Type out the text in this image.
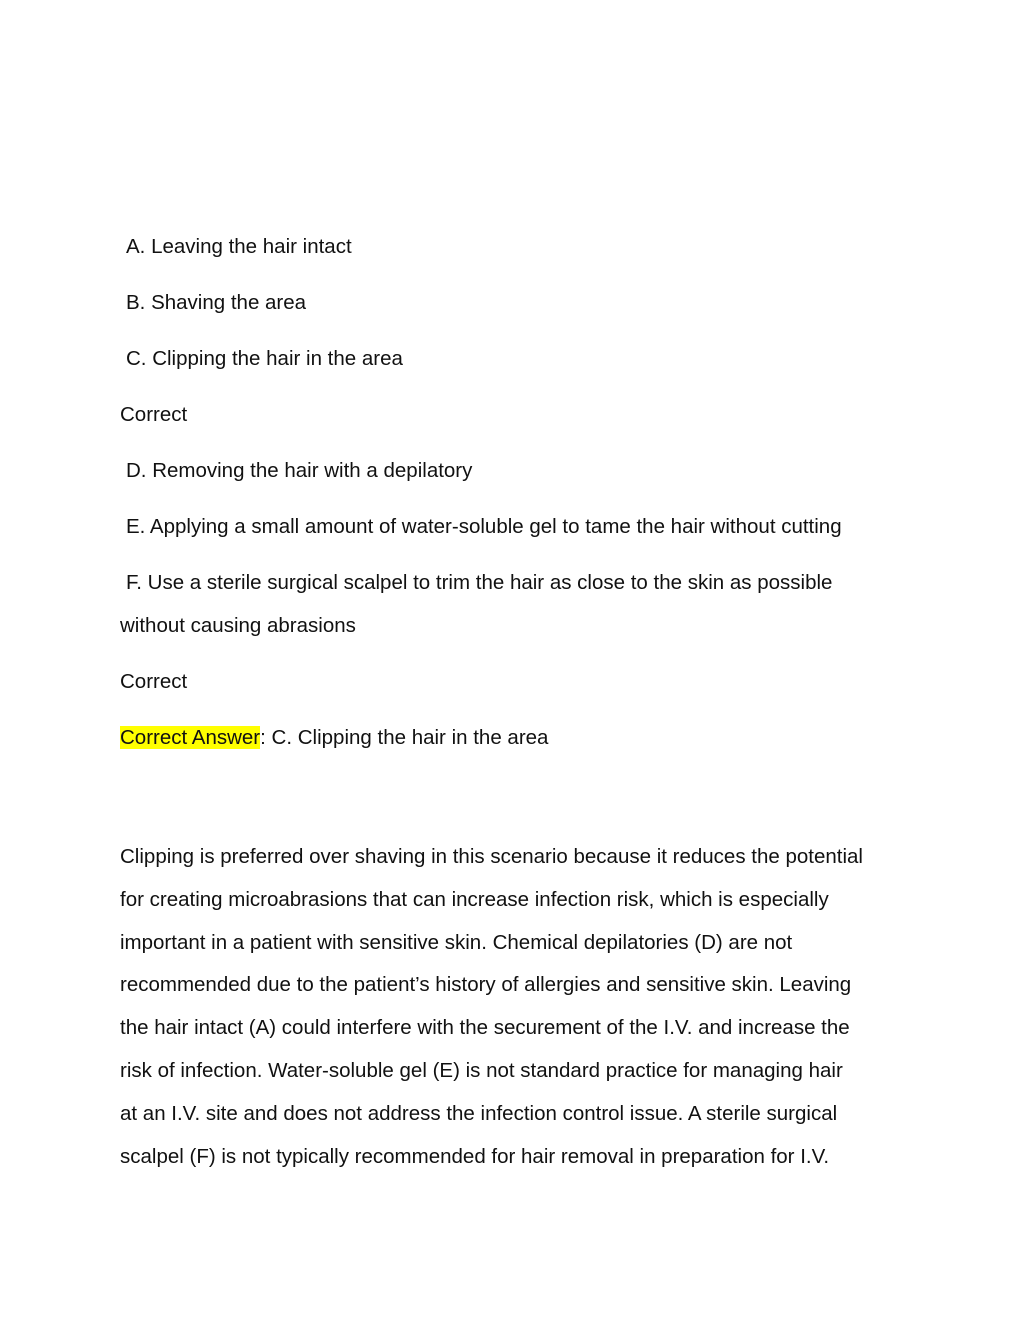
A. Leaving the hair intact
B. Shaving the area
C. Clipping the hair in the area
Correct
D. Removing the hair with a depilatory
E. Applying a small amount of water-soluble gel to tame the hair without cutting
F. Use a sterile surgical scalpel to trim the hair as close to the skin as possible
without causing abrasions
Correct
Correct Answer: C. Clipping the hair in the area
Clipping is preferred over shaving in this scenario because it reduces the potential
for creating microabrasions that can increase infection risk, which is especially
important in a patient with sensitive skin. Chemical depilatories (D) are not
recommended due to the patient’s history of allergies and sensitive skin. Leaving
the hair intact (A) could interfere with the securement of the I.V. and increase the
risk of infection. Water-soluble gel (E) is not standard practice for managing hair
at an I.V. site and does not address the infection control issue. A sterile surgical
scalpel (F) is not typically recommended for hair removal in preparation for I.V.
